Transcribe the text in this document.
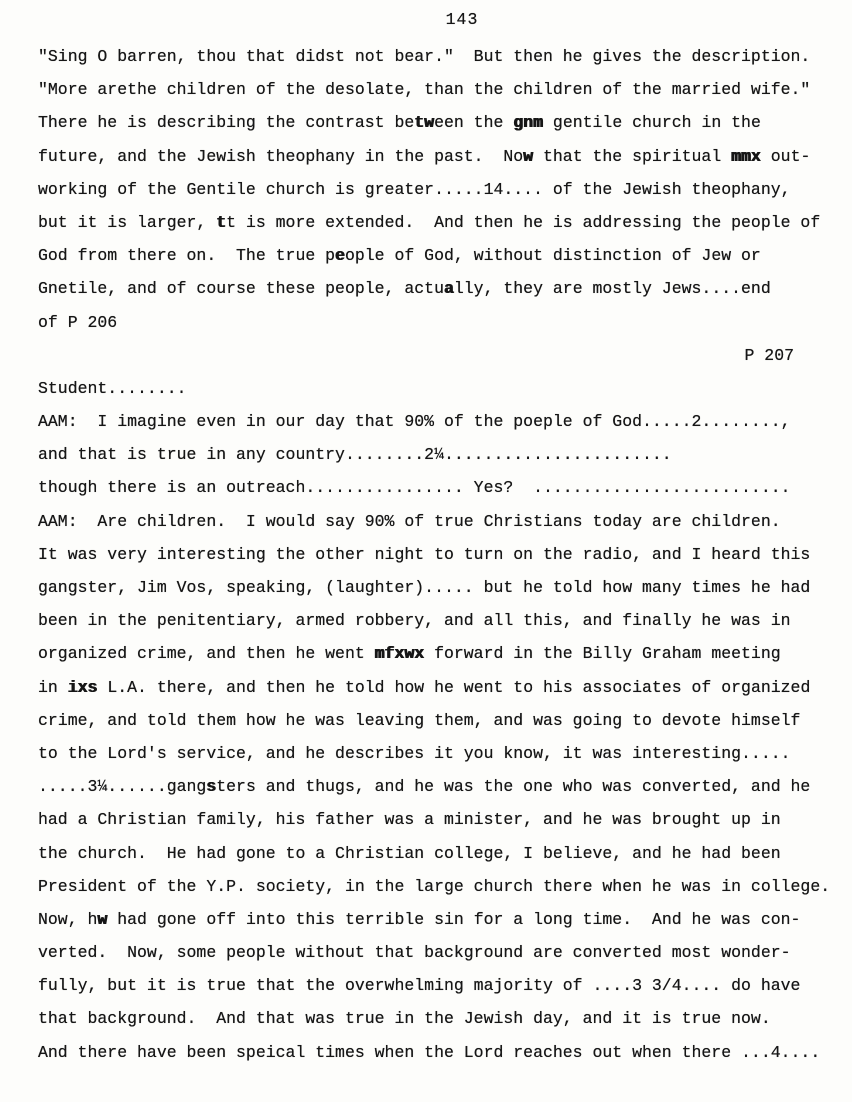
143
"Sing O barren, thou that didst not bear."  But then he gives the description.
"More arethe children of the desolate, than the children of the married wife."
There he is describing the contrast between the gnm gentile church in the
future, and the Jewish theophany in the past.  Now that the spiritual mmx out-
working of the Gentile church is greater.....14.... of the Jewish theophany,
but it is larger, tt is more extended.  And then he is addressing the people of
God from there on.  The true people of God, without distinction of Jew or
Gnetile, and of course these people, actually, they are mostly Jews....end
of P 206
P 207
Student........
AAM:  I imagine even in our day that 90% of the poeple of God.....2........,
and that is true in any country........2¼.......................
though there is an outreach................ Yes?  ..........................
AAM:  Are children.  I would say 90% of true Christians today are children.
It was very interesting the other night to turn on the radio, and I heard this
gangster, Jim Vos, speaking, (laughter)..... but he told how many times he had
been in the penitentiary, armed robbery, and all this, and finally he was in
organized crime, and then he went mfxwx forward in the Billy Graham meeting
in ixs L.A. there, and then he told how he went to his associates of organized
crime, and told them how he was leaving them, and was going to devote himself
to the Lord's service, and he describes it you know, it was interesting.....
.....3¼......gangsters and thugs, and he was the one who was converted, and he
had a Christian family, his father was a minister, and he was brought up in
the church.  He had gone to a Christian college, I believe, and he had been
President of the Y.P. society, in the large church there when he was in college.
Now, hw had gone off into this terrible sin for a long time.  And he was con-
verted.  Now, some people without that background are converted most wonder-
fully, but it is true that the overwhelming majority of ....3 3/4.... do have
that background.  And that was true in the Jewish day, and it is true now.
And there have been speical times when the Lord reaches out when there ...4....
